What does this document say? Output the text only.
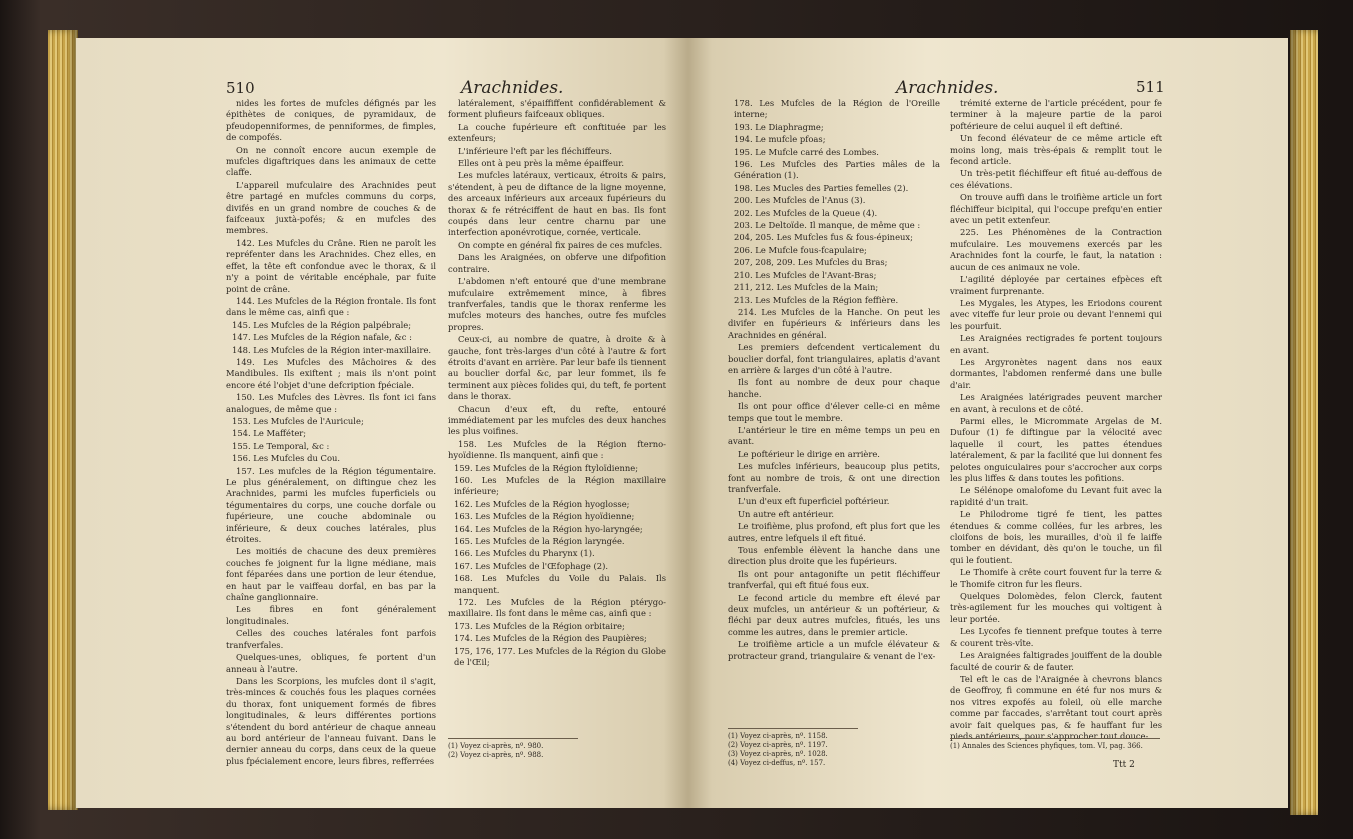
510	Arachnides.

nides les fortes de mufcles défignés par les épithètes de coniques, de pyramidaux, de pfeudopenniformes, de penniformes, de fimples, de compofés.

On ne connoît encore aucun exemple de mufcles digaftriques dans les animaux de cette claffe.

L'appareil mufculaire des Arachnides peut être partagé en mufcles communs du corps, divifés en un grand nombre de couches & de faifceaux juxtà-pofés; & en mufcles des membres.

142. Les Mufcles du Crâne. Rien ne paroît les repréfenter dans les Arachnides. Chez elles, en effet, la tête eft confondue avec le thorax, & il n'y a point de véritable encéphale, par fuite point de crâne.

144. Les Mufcles de la Région frontale. Ils font dans le même cas, ainfi que :

145. Les Mufcles de la Région palpébrale;

147. Les Mufcles de la Région nafale, &c :

148. Les Mufcles de la Région inter-maxillaire.

149. Les Mufcles des Mâchoires & des Mandibules. Ils exiftent ; mais ils n'ont point encore été l'objet d'une defcription fpéciale.

150. Les Mufcles des Lèvres. Ils font ici fans analogues, de même que :

153. Les Mufcles de l'Auricule;

154. Le Mafféter;

155. Le Temporal, &c :

156. Les Mufcles du Cou.

157. Les mufcles de la Région tégumentaire. Le plus généralement, on diftingue chez les Arachnides, parmi les mufcles fuperficiels ou tégumentaires du corps, une couche dorfale ou fupérieure, une couche abdominale ou inférieure, & deux couches latérales, plus étroites.

Les moitiés de chacune des deux premières couches fe joignent fur la ligne médiane, mais font féparées dans une portion de leur étendue, en haut par le vaiffeau dorfal, en bas par la chaîne ganglionnaire.

Les fibres en font généralement longitudinales.

Celles des couches latérales font parfois tranfverfales.

Quelques-unes, obliques, fe portent d'un anneau à l'autre.

Dans les Scorpions, les mufcles dont il s'agit, très-minces & couchés fous les plaques cornées du thorax, font uniquement formés de fibres longitudinales, & leurs différentes portions s'étendent du bord antérieur de chaque anneau au bord antérieur de l'anneau fuivant. Dans le dernier anneau du corps, dans ceux de la queue plus fpécialement encore, leurs fibres, refferrées

latéralement, s'épaiffiffent confidérablement & forment plufieurs faifceaux obliques.

La couche fupérieure eft conftituée par les extenfeurs;

L'inférieure l'eft par les fléchiffeurs.

Elles ont à peu près la même épaiffeur.

Les mufcles latéraux, verticaux, étroits & pairs, s'étendent, à peu de diftance de la ligne moyenne, des arceaux inférieurs aux arceaux fupérieurs du thorax & fe rétréciffent de haut en bas. Ils font coupés dans leur centre charnu par une interfection aponévrotique, cornée, verticale.

On compte en général fix paires de ces mufcles.

Dans les Araignées, on obferve une difpofition contraire.

L'abdomen n'eft entouré que d'une membrane mufculaire extrêmement mince, à fibres tranfverfales, tandis que le thorax renferme les mufcles moteurs des hanches, outre fes mufcles propres.

Ceux-ci, au nombre de quatre, à droite & à gauche, font très-larges d'un côté à l'autre & fort étroits d'avant en arrière. Par leur bafe ils tiennent au bouclier dorfal &c, par leur fommet, ils fe terminent aux pièces folides qui, du teft, fe portent dans le thorax.

Chacun d'eux eft, du refte, entouré immédiatement par les mufcles des deux hanches les plus voifines.

158. Les Mufcles de la Région fterno-hyoïdienne. Ils manquent, ainfi que :

159. Les Mufcles de la Région ftyloïdienne;

160. Les Mufcles de la Région maxillaire inférieure;

162. Les Mufcles de la Région hyoglosse;

163. Les Mufcles de la Région hyoïdienne;

164. Les Mufcles de la Région hyo-laryngée;

165. Les Mufcles de la Région laryngée.

166. Les Mufcles du Pharynx (1).

167. Les Mufcles de l'Œfophage (2).

168. Les Mufcles du Voile du Palais. Ils manquent.

172. Les Mufcles de la Région ptérygo-maxillaire. Ils font dans le même cas, ainfi que :

173. Les Mufcles de la Région orbitaire;

174. Les Mufcles de la Région des Paupières;

175, 176, 177. Les Mufcles de la Région du Globe de l'Œil;

(1) Voyez ci-après, nº. 980.
(2) Voyez ci-après, nº. 988.
Arachnides.	511

178. Les Mufcles de la Région de l'Oreille interne;

193. Le Diaphragme;

194. Le mufcle pfoas;

195. Le Mufcle carré des Lombes.

196. Les Mufcles des Parties mâles de la Génération (1).

198. Les Mucles des Parties femelles (2).

200. Les Mufcles de l'Anus (3).

202. Les Mufcles de la Queue (4).

203. Le Deltoïde. Il manque, de même que :

204, 205. Les Mufcles fus & fous-épineux;

206. Le Mufcle fous-fcapulaire;

207, 208, 209. Les Mufcles du Bras;

210. Les Mufcles de l'Avant-Bras;

211, 212. Les Mufcles de la Main;

213. Les Mufcles de la Région feffière.

214. Les Mufcles de la Hanche. On peut les divifer en fupérieurs & inférieurs dans les Arachnides en général.

Les premiers defcendent verticalement du bouclier dorfal, font triangulaires, aplatis d'avant en arrière & larges d'un côté à l'autre.

Ils font au nombre de deux pour chaque hanche.

Ils ont pour office d'élever celle-ci en même temps que tout le membre.

L'antérieur le tire en même temps un peu en avant.

Le poftérieur le dirige en arrière.

Les mufcles inférieurs, beaucoup plus petits, font au nombre de trois, & ont une direction tranfverfale.

L'un d'eux eft fuperficiel poftérieur.

Un autre eft antérieur.

Le troifième, plus profond, eft plus fort que les autres, entre lefquels il eft fitué.

Tous enfemble élèvent la hanche dans une direction plus droite que les fupérieurs.

Ils ont pour antagonifte un petit fléchiffeur tranfverfal, qui eft fitué fous eux.

Le fecond article du membre eft élevé par deux mufcles, un antérieur & un poftérieur, & fléchi par deux autres mufcles, fitués, les uns comme les autres, dans le premier article.

Le troifième article a un mufcle élévateur & protracteur grand, triangulaire & venant de l'ex-

trémité externe de l'article précédent, pour fe terminer à la majeure partie de la paroi poftérieure de celui auquel il eft deftiné.

Un fecond élévateur de ce même article eft moins long, mais très-épais & remplit tout le fecond article.

Un très-petit fléchiffeur eft fitué au-deffous de ces élévations.

On trouve auffi dans le troifième article un fort fléchiffeur bicipital, qui l'occupe prefqu'en entier avec un petit extenfeur.

225. Les Phénomènes de la Contraction mufculaire. Les mouvemens exercés par les Arachnides font la courfe, le faut, la natation : aucun de ces animaux ne vole.

L'agilité déployée par certaines efpèces eft vraiment furprenante.

Les Mygales, les Atypes, les Eriodons courent avec viteffe fur leur proie ou devant l'ennemi qui les pourfuit.

Les Araignées rectigrades fe portent toujours en avant.

Les Argyronètes nagent dans nos eaux dormantes, l'abdomen renfermé dans une bulle d'air.

Les Araignées latérigrades peuvent marcher en avant, à reculons et de côté.

Parmi elles, le Micrommate Argelas de M. Dufour (1) fe diftingue par la vélocité avec laquelle il court, les pattes étendues latéralement, & par la facilité que lui donnent fes pelotes onguiculaires pour s'accrocher aux corps les plus liffes & dans toutes les pofitions.

Le Sélénope omalofome du Levant fuit avec la rapidité d'un trait.

Le Philodrome tigré fe tient, les pattes étendues & comme collées, fur les arbres, les cloifons de bois, les murailles, d'où il fe laiffe tomber en dévidant, dès qu'on le touche, un fil qui le foutient.

Le Thomife à crête court fouvent fur la terre & le Thomife citron fur les fleurs.

Quelques Dolomèdes, felon Clerck, fautent très-agilement fur les mouches qui voltigent à leur portée.

Les Lycofes fe tiennent prefque toutes à terre & courent très-vîte.

Les Araignées faltigrades jouiffent de la double faculté de courir & de fauter.

Tel eft le cas de l'Araignée à chevrons blancs de Geoffroy, fi commune en été fur nos murs & nos vitres expofés au foleil, où elle marche comme par faccades, s'arrêtant tout court après avoir fait quelques pas, & fe hauffant fur les pieds antérieurs, pour s'approcher tout douce-

(1) Voyez ci-après, nº. 1158.
(2) Voyez ci-après, nº. 1197.
(3) Voyez ci-après, nº. 1028.
(4) Voyez ci-deffus, nº. 157.
(1) Annales des Sciences phyfiques, tom. VI, pag. 366.
Ttt 2
